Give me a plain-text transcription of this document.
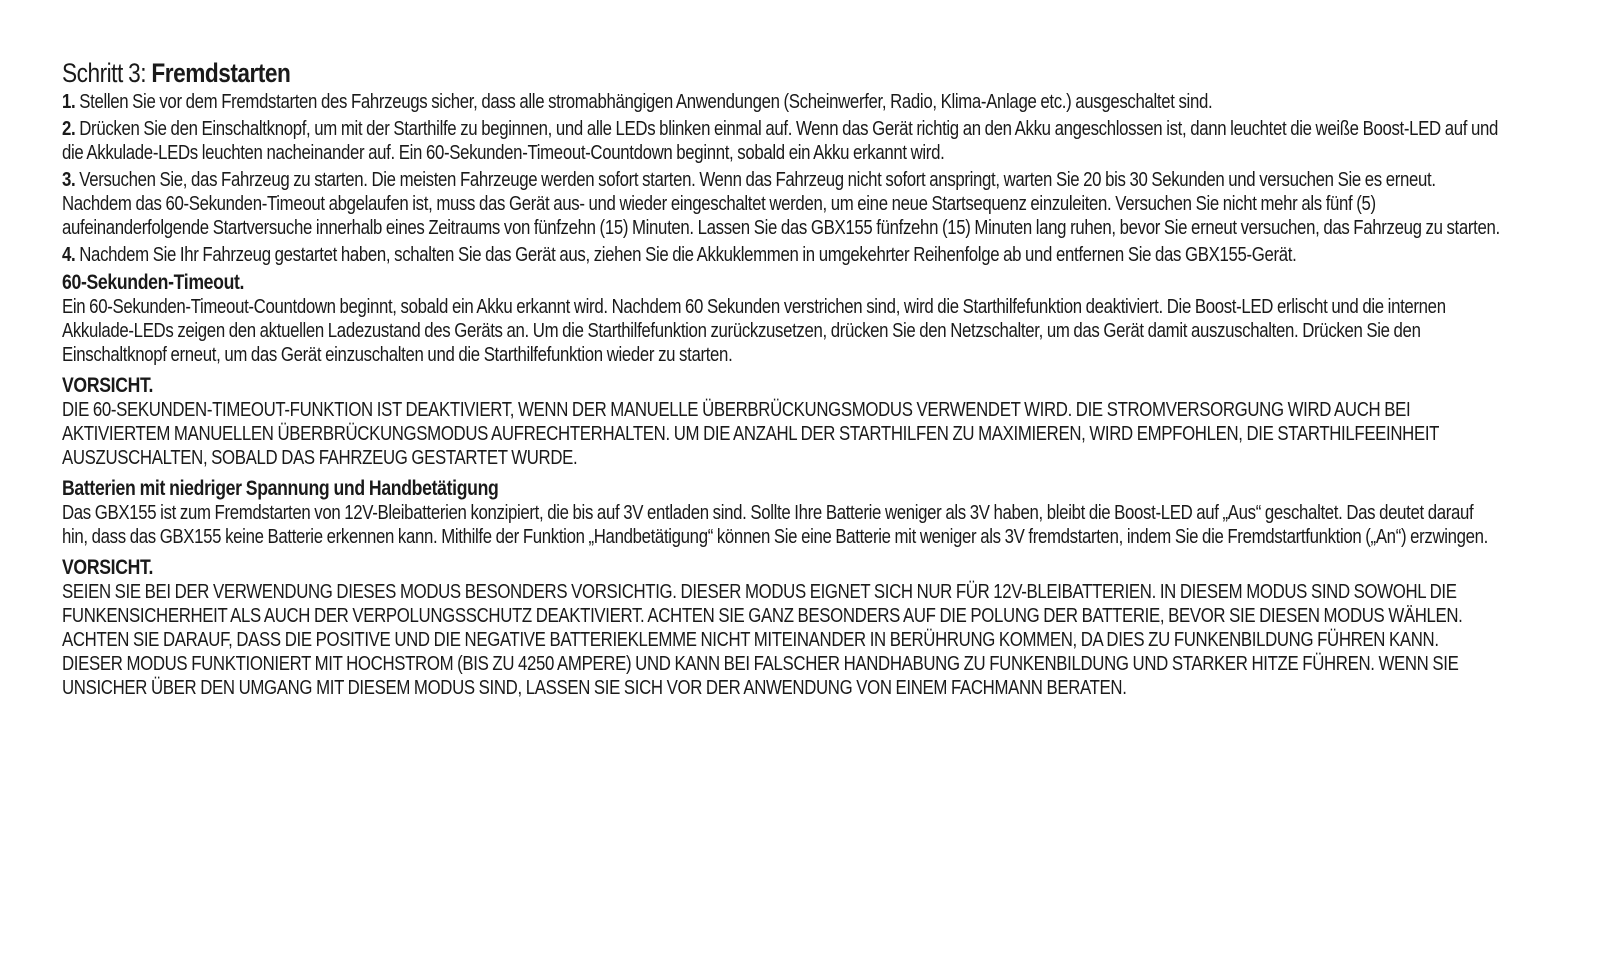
Schritt 3: Fremdstarten
1. Stellen Sie vor dem Fremdstarten des Fahrzeugs sicher, dass alle stromabhängigen Anwendungen (Scheinwerfer, Radio, Klima-Anlage etc.) ausgeschaltet sind.
2. Drücken Sie den Einschaltknopf, um mit der Starthilfe zu beginnen, und alle LEDs blinken einmal auf. Wenn das Gerät richtig an den Akku angeschlossen ist, dann leuchtet die weiße Boost-LED auf und die Akkulade-LEDs leuchten nacheinander auf. Ein 60-Sekunden-Timeout-Countdown beginnt, sobald ein Akku erkannt wird.
3. Versuchen Sie, das Fahrzeug zu starten. Die meisten Fahrzeuge werden sofort starten. Wenn das Fahrzeug nicht sofort anspringt, warten Sie 20 bis 30 Sekunden und versuchen Sie es erneut. Nachdem das 60-Sekunden-Timeout abgelaufen ist, muss das Gerät aus- und wieder eingeschaltet werden, um eine neue Startsequenz einzuleiten. Versuchen Sie nicht mehr als fünf (5) aufeinanderfolgende Startversuche innerhalb eines Zeitraums von fünfzehn (15) Minuten. Lassen Sie das GBX155 fünfzehn (15) Minuten lang ruhen, bevor Sie erneut versuchen, das Fahrzeug zu starten.
4. Nachdem Sie Ihr Fahrzeug gestartet haben, schalten Sie das Gerät aus, ziehen Sie die Akkuklemmen in umgekehrter Reihenfolge ab und entfernen Sie das GBX155-Gerät.
60-Sekunden-Timeout.
Ein 60-Sekunden-Timeout-Countdown beginnt, sobald ein Akku erkannt wird. Nachdem 60 Sekunden verstrichen sind, wird die Starthilfefunktion deaktiviert. Die Boost-LED erlischt und die internen Akkulade-LEDs zeigen den aktuellen Ladezustand des Geräts an. Um die Starthilfefunktion zurückzusetzen, drücken Sie den Netzschalter, um das Gerät damit auszuschalten. Drücken Sie den Einschaltknopf erneut, um das Gerät einzuschalten und die Starthilfefunktion wieder zu starten.
VORSICHT.
DIE 60-SEKUNDEN-TIMEOUT-FUNKTION IST DEAKTIVIERT, WENN DER MANUELLE ÜBERBRÜCKUNGSMODUS VERWENDET WIRD. DIE STROMVERSORGUNG WIRD AUCH BEI AKTIVIERTEM MANUELLEN ÜBERBRÜCKUNGSMODUS AUFRECHTERHALTEN. UM DIE ANZAHL DER STARTHILFEN ZU MAXIMIEREN, WIRD EMPFOHLEN, DIE STARTHILFEEINHEIT AUSZUSCHALTEN, SOBALD DAS FAHRZEUG GESTARTET WURDE.
Batterien mit niedriger Spannung und Handbetätigung
Das GBX155 ist zum Fremdstarten von 12V-Bleibatterien konzipiert, die bis auf 3V entladen sind. Sollte Ihre Batterie weniger als 3V haben, bleibt die Boost-LED auf „Aus“ geschaltet. Das deutet darauf hin, dass das GBX155 keine Batterie erkennen kann. Mithilfe der Funktion „Handbetätigung“ können Sie eine Batterie mit weniger als 3V fremdstarten, indem Sie die Fremdstartfunktion („An“) erzwingen.
VORSICHT.
SEIEN SIE BEI DER VERWENDUNG DIESES MODUS BESONDERS VORSICHTIG. DIESER MODUS EIGNET SICH NUR FÜR 12V-BLEIBATTERIEN. IN DIESEM MODUS SIND SOWOHL DIE FUNKENSICHERHEIT ALS AUCH DER VERPOLUNGSSCHUTZ DEAKTIVIERT. ACHTEN SIE GANZ BESONDERS AUF DIE POLUNG DER BATTERIE, BEVOR SIE DIESEN MODUS WÄHLEN. ACHTEN SIE DARAUF, DASS DIE POSITIVE UND DIE NEGATIVE BATTERIEKLEMME NICHT MITEINANDER IN BERÜHRUNG KOMMEN, DA DIES ZU FUNKENBILDUNG FÜHREN KANN. DIESER MODUS FUNKTIONIERT MIT HOCHSTROM (BIS ZU 4250 AMPERE) UND KANN BEI FALSCHER HANDHABUNG ZU FUNKENBILDUNG UND STARKER HITZE FÜHREN. WENN SIE UNSICHER ÜBER DEN UMGANG MIT DIESEM MODUS SIND, LASSEN SIE SICH VOR DER ANWENDUNG VON EINEM FACHMANN BERATEN.
